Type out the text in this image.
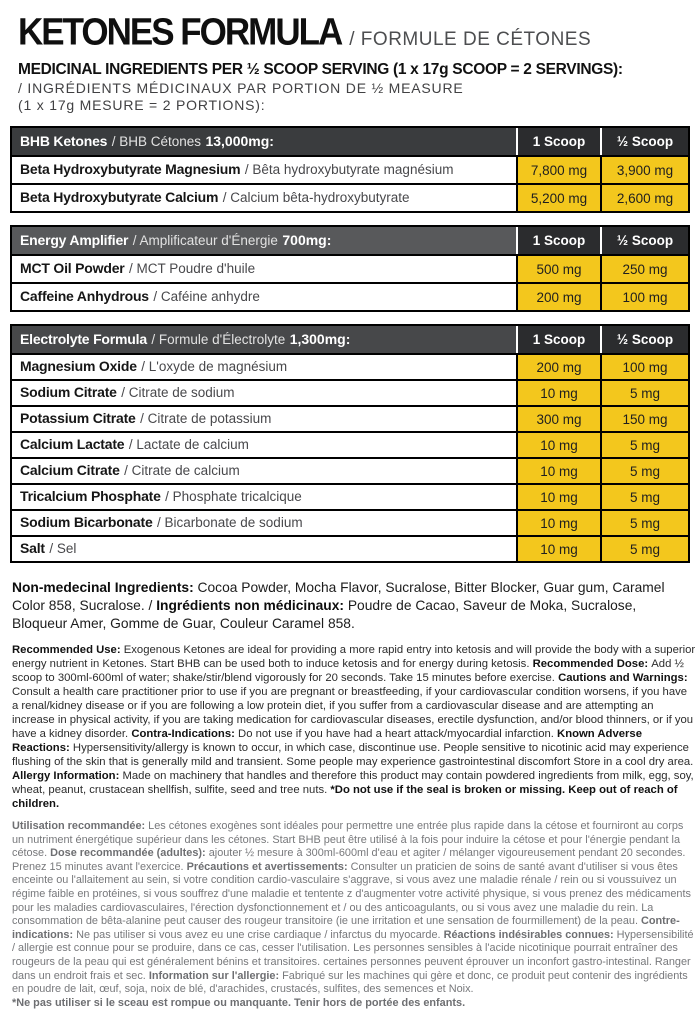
KETONES FORMULA / FORMULE DE CÉTONES
MEDICINAL INGREDIENTS PER ½ SCOOP SERVING (1 x 17g SCOOP = 2 SERVINGS):
/ INGRÉDIENTS MÉDICINAUX PAR PORTION DE ½ MEASURE
(1 x 17g MESURE = 2 PORTIONS):
BHB Ketones / BHB Cétones 13,000mg:	1 Scoop	½ Scoop
Beta Hydroxybutyrate Magnesium / Bêta hydroxybutyrate magnésium	7,800 mg	3,900 mg
Beta Hydroxybutyrate Calcium / Calcium bêta-hydroxybutyrate	5,200 mg	2,600 mg
Energy Amplifier / Amplificateur d'Énergie 700mg:	1 Scoop	½ Scoop
MCT Oil Powder / MCT Poudre d'huile	500 mg	250 mg
Caffeine Anhydrous / Caféine anhydre	200 mg	100 mg
Electrolyte Formula / Formule d'Électrolyte 1,300mg:	1 Scoop	½ Scoop
Magnesium Oxide / L'oxyde de magnésium	200 mg	100 mg
Sodium Citrate / Citrate de sodium	10 mg	5 mg
Potassium Citrate / Citrate de potassium	300 mg	150 mg
Calcium Lactate / Lactate de calcium	10 mg	5 mg
Calcium Citrate / Citrate de calcium	10 mg	5 mg
Tricalcium Phosphate / Phosphate tricalcique	10 mg	5 mg
Sodium Bicarbonate / Bicarbonate de sodium	10 mg	5 mg
Salt / Sel	10 mg	5 mg

Non-medecinal Ingredients: Cocoa Powder, Mocha Flavor, Sucralose, Bitter Blocker, Guar gum, Caramel Color 858, Sucralose. / Ingrédients non médicinaux: Poudre de Cacao, Saveur de Moka, Sucralose, Bloqueur Amer, Gomme de Guar, Couleur Caramel 858.

Recommended Use: Exogenous Ketones are ideal for providing a more rapid entry into ketosis and will provide the body with a superior energy nutrient in Ketones. Start BHB can be used both to induce ketosis and for energy during ketosis. Recommended Dose: Add ½ scoop to 300ml-600ml of water; shake/stir/blend vigorously for 20 seconds. Take 15 minutes before exercise. Cautions and Warnings: Consult a health care practitioner prior to use if you are pregnant or breastfeeding, if your cardiovascular condition worsens, if you have a renal/kidney disease or if you are following a low protein diet, if you suffer from a cardiovascular disease and are attempting an increase in physical activity, if you are taking medication for cardiovascular diseases, erectile dysfunction, and/or blood thinners, or if you have a kidney disorder. Contra-Indications: Do not use if you have had a heart attack/myocardial infarction. Known Adverse Reactions: Hypersensitivity/allergy is known to occur, in which case, discontinue use. People sensitive to nicotinic acid may experience flushing of the skin that is generally mild and transient. Some people may experience gastrointestinal discomfort Store in a cool dry area. Allergy Information: Made on machinery that handles and therefore this product may contain powdered ingredients from milk, egg, soy, wheat, peanut, crustacean shellfish, sulfite, seed and tree nuts. *Do not use if the seal is broken or missing. Keep out of reach of children.

Utilisation recommandée: Les cétones exogènes sont idéales pour permettre une entrée plus rapide dans la cétose et fourniront au corps un nutriment énergétique supérieur dans les cétones. Start BHB peut être utilisé à la fois pour induire la cétose et pour l'énergie pendant la cétose. Dose recommandée (adultes): ajouter ½ mesure à 300ml-600ml d'eau et agiter / mélanger vigoureusement pendant 20 secondes. Prenez 15 minutes avant l'exercice. Précautions et avertissements: Consulter un praticien de soins de santé avant d'utiliser si vous êtes enceinte ou l'allaitement au sein, si votre condition cardio-vasculaire s'aggrave, si vous avez une maladie rénale / rein ou si voussuivez un régime faible en protéines, si vous souffrez d'une maladie et tentente z d'augmenter votre activité physique, si vous prenez des médicaments pour les maladies cardiovasculaires, l'érection dysfonctionnement et / ou des anticoagulants, ou si vous avez une maladie du rein. La consommation de bêta-alanine peut causer des rougeur transitoire (ie une irritation et une sensation de fourmillement) de la peau. Contre-indications: Ne pas utiliser si vous avez eu une crise cardiaque / infarctus du myocarde. Réactions indésirables connues: Hypersensibilité / allergie est connue pour se produire, dans ce cas, cesser l'utilisation. Les personnes sensibles à l'acide nicotinique pourrait entraîner des rougeurs de la peau qui est généralement bénins et transitoires. certaines personnes peuvent éprouver un inconfort gastro-intestinal. Ranger dans un endroit frais et sec. Information sur l'allergie: Fabriqué sur les machines qui gère et donc, ce produit peut contenir des ingrédients en poudre de lait, œuf, soja, noix de blé, d'arachides, crustacés, sulfites, des semences et Noix.
*Ne pas utiliser si le sceau est rompue ou manquante. Tenir hors de portée des enfants.
